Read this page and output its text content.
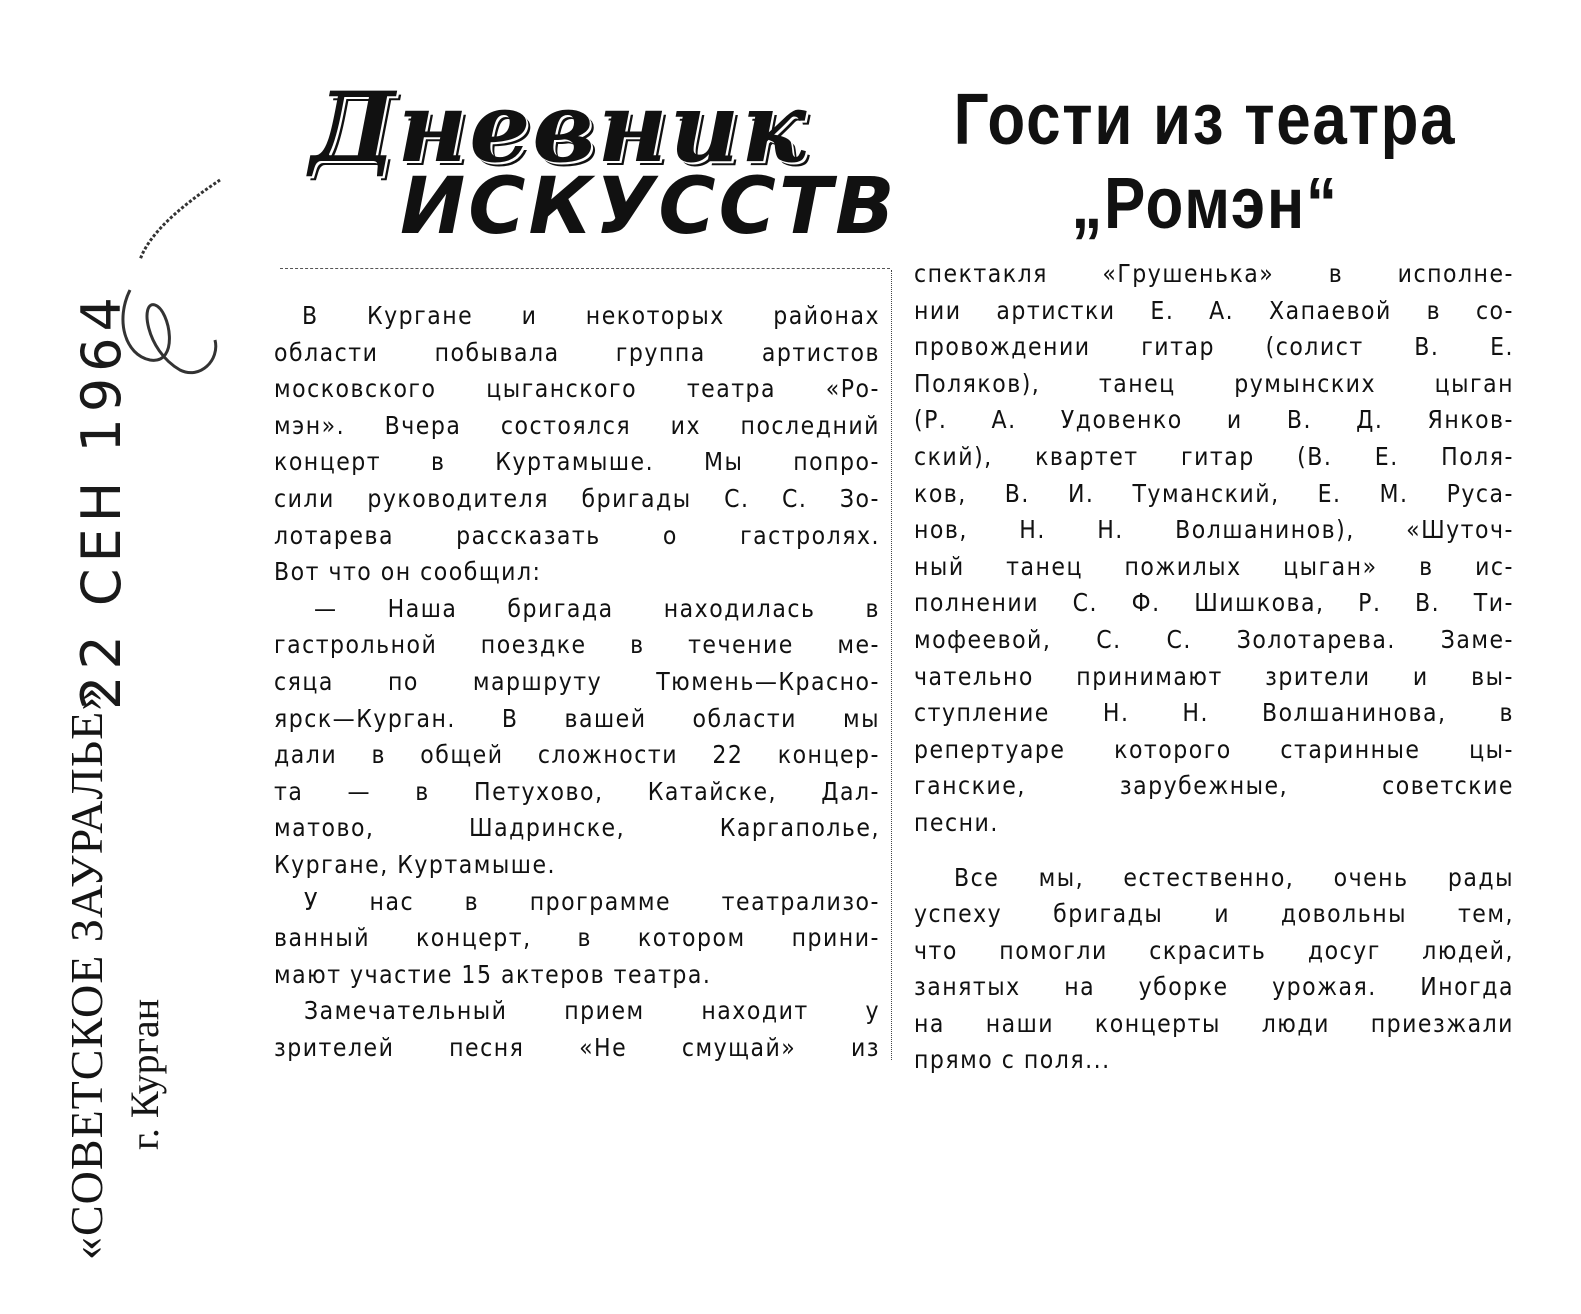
«СОВЕТСКОЕ ЗАУРАЛЬЕ» г. Курган
22 СЕН 1964
Дневник
ИСКУССТВ
Гости из театра
„Ромэн“
В Кургане и некоторых районах
области побывала группа артистов
московского цыганского театра «Ро-
мэн». Вчера состоялся их последний
концерт в Куртамыше. Мы попро-
сили руководителя бригады С. С. Зо-
лотарева рассказать о гастролях.
Вот что он сообщил:
— Наша бригада находилась в
гастрольной поездке в течение ме-
сяца по маршруту Тюмень—Красно-
ярск—Курган. В вашей области мы
дали в общей сложности 22 концер-
та — в Петухово, Катайске, Дал-
матово, Шадринске, Каргаполье,
Кургане, Куртамыше.
У нас в программе театрализо-
ванный концерт, в котором прини-
мают участие 15 актеров театра.
Замечательный прием находит у
зрителей песня «Не смущай» из
спектакля «Грушенька» в исполне-
нии артистки Е. А. Хапаевой в со-
провождении гитар (солист В. Е.
Поляков), танец румынских цыган
(Р. А. Удовенко и В. Д. Янков-
ский), квартет гитар (В. Е. Поля-
ков, В. И. Туманский, Е. М. Руса-
нов, Н. Н. Волшанинов), «Шуточ-
ный танец пожилых цыган» в ис-
полнении С. Ф. Шишкова, Р. В. Ти-
мофеевой, С. С. Золотарева. Заме-
чательно принимают зрители и вы-
ступление Н. Н. Волшанинова, в
репертуаре которого старинные цы-
ганские, зарубежные, советские
песни.
Все мы, естественно, очень рады
успеху бригады и довольны тем,
что помогли скрасить досуг людей,
занятых на уборке урожая. Иногда
на наши концерты люди приезжали
прямо с поля...
